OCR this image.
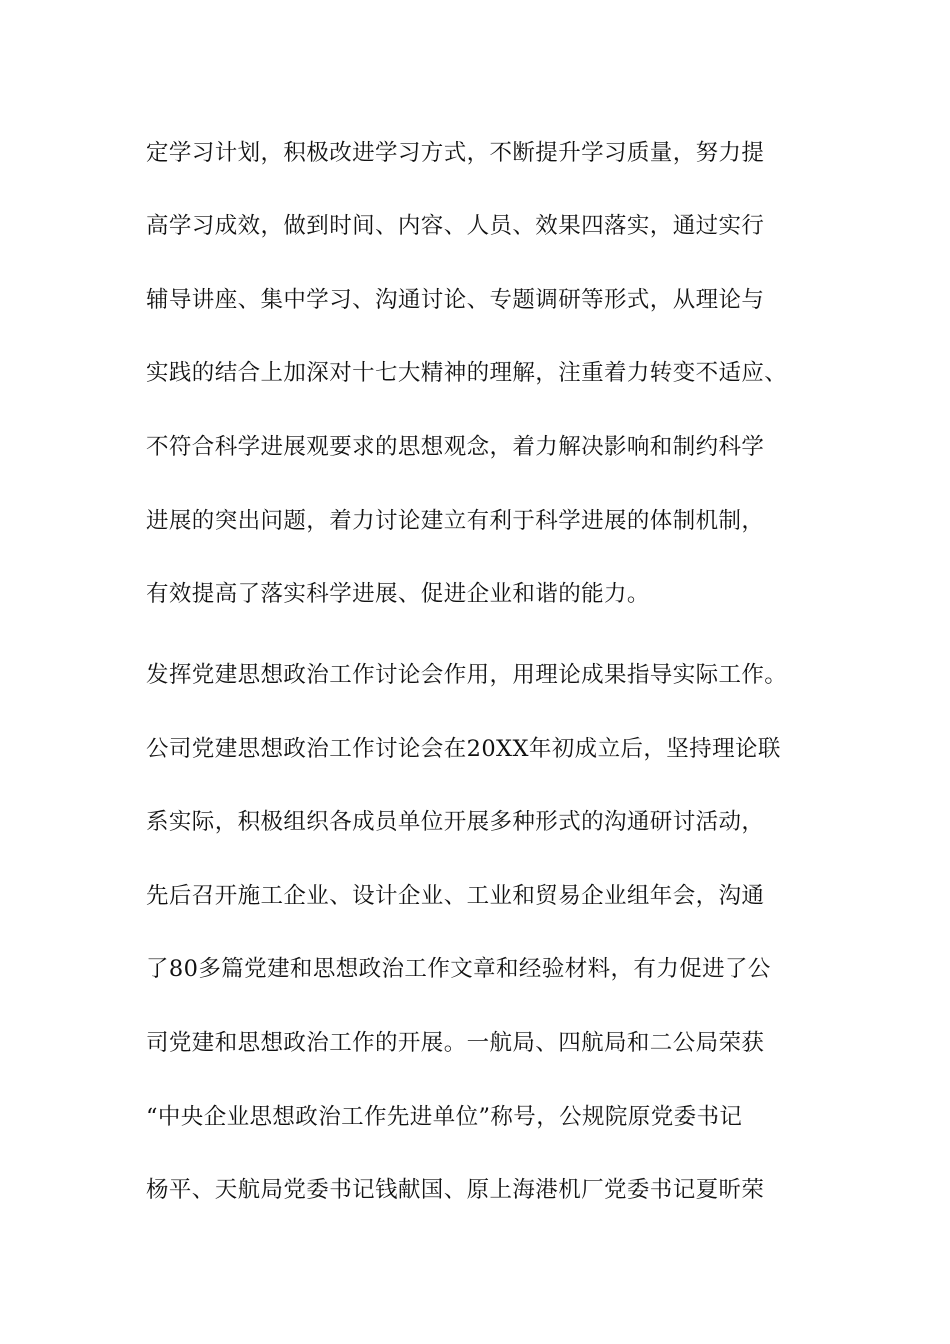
定学习计划，积极改进学习方式，不断提升学习质量，努力提
高学习成效，做到时间、内容、人员、效果四落实，通过实行
辅导讲座、集中学习、沟通讨论、专题调研等形式，从理论与
实践的结合上加深对十七大精神的理解，注重着力转变不适应、
不符合科学进展观要求的思想观念，着力解决影响和制约科学
进展的突出问题，着力讨论建立有利于科学进展的体制机制，
有效提高了落实科学进展、促进企业和谐的能力。
发挥党建思想政治工作讨论会作用，用理论成果指导实际工作。
公司党建思想政治工作讨论会在20XX年初成立后，坚持理论联
系实际，积极组织各成员单位开展多种形式的沟通研讨活动，
先后召开施工企业、设计企业、工业和贸易企业组年会，沟通
了80多篇党建和思想政治工作文章和经验材料，有力促进了公
司党建和思想政治工作的开展。一航局、四航局和二公局荣获
“中央企业思想政治工作先进单位”称号，公规院原党委书记
杨平、天航局党委书记钱献国、原上海港机厂党委书记夏昕荣
